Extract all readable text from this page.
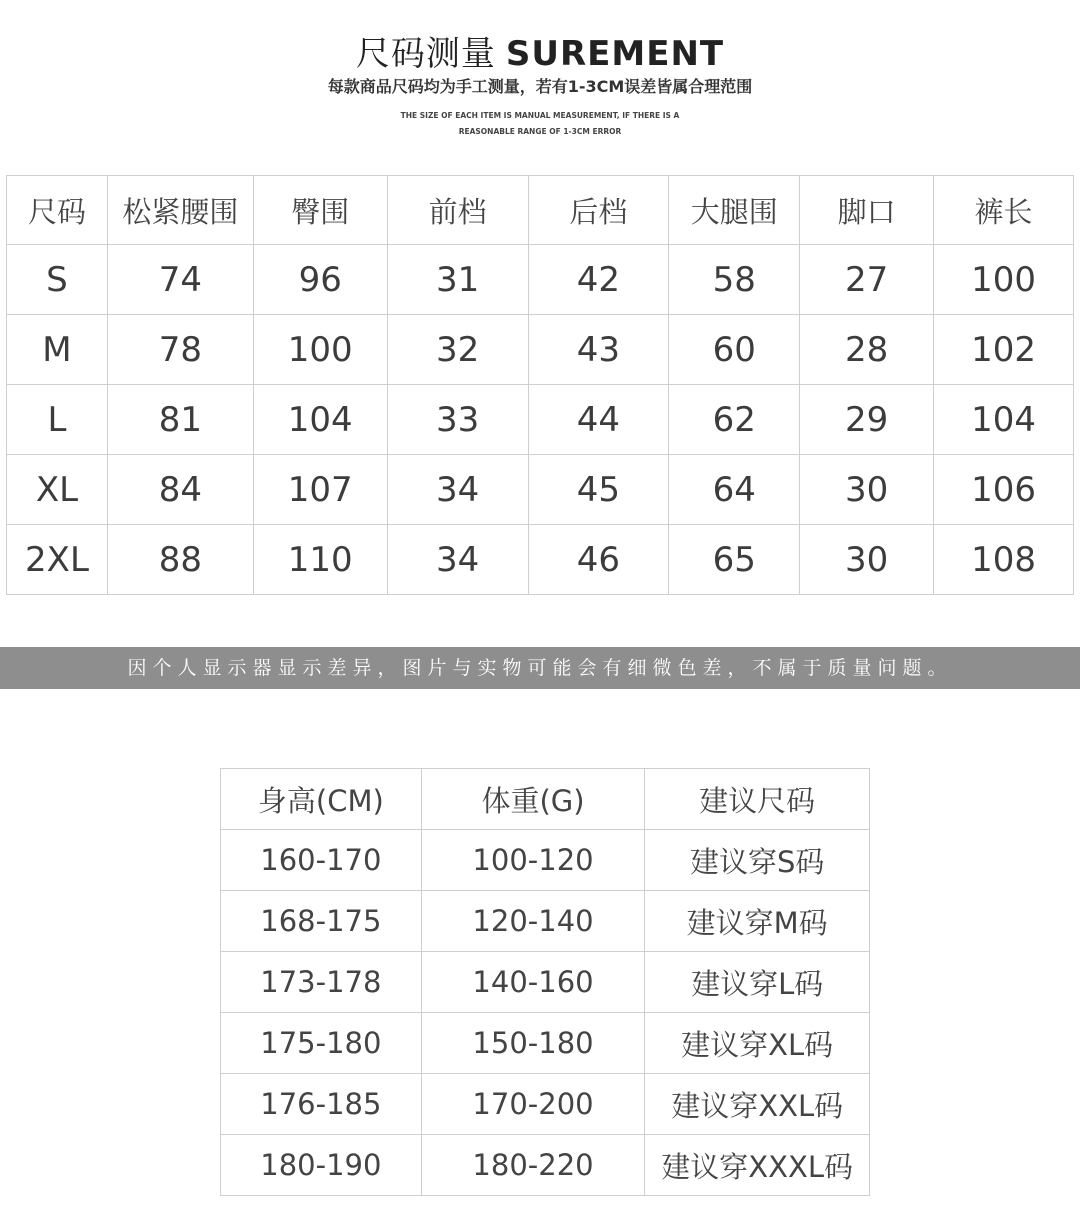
尺码测量 SUREMENT
每款商品尺码均为手工测量，若有1-3CM误差皆属合理范围
THE SIZE OF EACH ITEM IS MANUAL MEASUREMENT, IF THERE IS A
REASONABLE RANGE OF 1-3CM ERROR
尺码	松紧腰围	臀围	前档	后档	大腿围	脚口	裤长
S	74	96	31	42	58	27	100
M	78	100	32	43	60	28	102
L	81	104	33	44	62	29	104
XL	84	107	34	45	64	30	106
2XL	88	110	34	46	65	30	108
因个人显示器显示差异，图片与实物可能会有细微色差，不属于质量问题。
身高(CM)	体重(G)	建议尺码
160-170	100-120	建议穿S码
168-175	120-140	建议穿M码
173-178	140-160	建议穿L码
175-180	150-180	建议穿XL码
176-185	170-200	建议穿XXL码
180-190	180-220	建议穿XXXL码
